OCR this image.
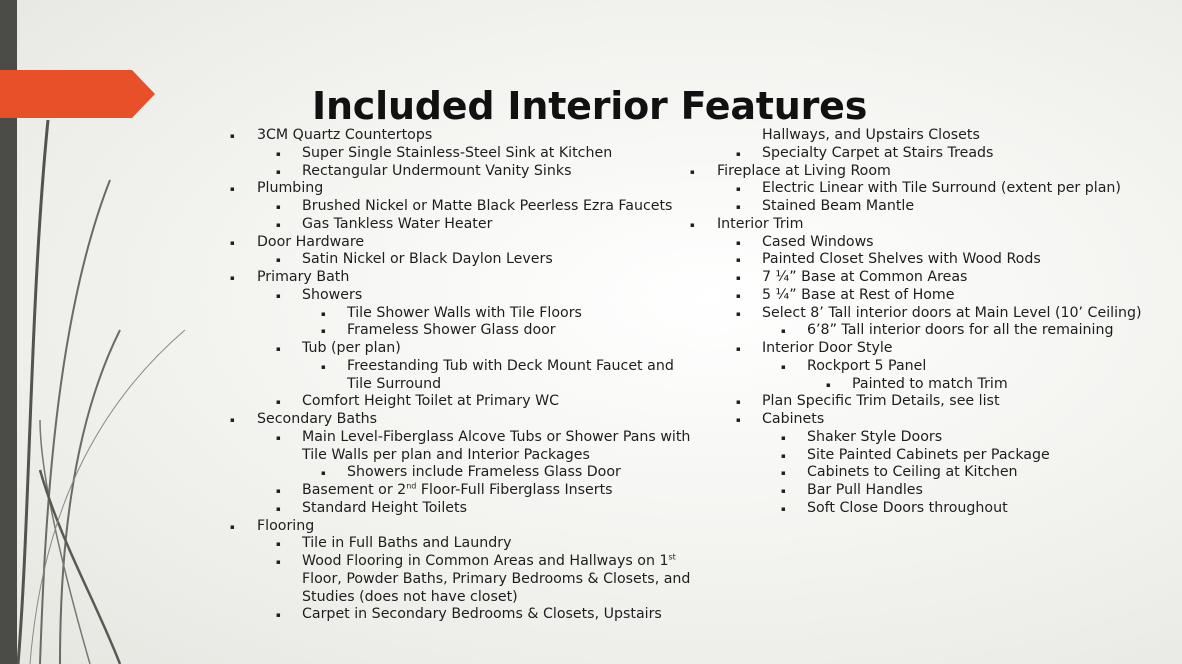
Included Interior Features
▪ 3CM Quartz Countertops
▪ Super Single Stainless-Steel Sink at Kitchen
▪ Rectangular Undermount Vanity Sinks
▪ Plumbing
▪ Brushed Nickel or Matte Black Peerless Ezra Faucets
▪ Gas Tankless Water Heater
▪ Door Hardware
▪ Satin Nickel or Black Daylon Levers
▪ Primary Bath
▪ Showers
▪ Tile Shower Walls with Tile Floors
▪ Frameless Shower Glass door
▪ Tub (per plan)
▪ Freestanding Tub with Deck Mount Faucet and
Tile Surround
▪ Comfort Height Toilet at Primary WC
▪ Secondary Baths
▪ Main Level-Fiberglass Alcove Tubs or Shower Pans with
Tile Walls per plan and Interior Packages
▪ Showers include Frameless Glass Door
▪ Basement or 2nd Floor-Full Fiberglass Inserts
▪ Standard Height Toilets
▪ Flooring
▪ Tile in Full Baths and Laundry
▪ Wood Flooring in Common Areas and Hallways on 1st
Floor, Powder Baths, Primary Bedrooms & Closets, and
Studies (does not have closet)
▪ Carpet in Secondary Bedrooms & Closets, Upstairs
Hallways, and Upstairs Closets
▪ Specialty Carpet at Stairs Treads
▪ Fireplace at Living Room
▪ Electric Linear with Tile Surround (extent per plan)
▪ Stained Beam Mantle
▪ Interior Trim
▪ Cased Windows
▪ Painted Closet Shelves with Wood Rods
▪ 7 ¼” Base at Common Areas
▪ 5 ¼” Base at Rest of Home
▪ Select 8’ Tall interior doors at Main Level (10’ Ceiling)
▪ 6’8” Tall interior doors for all the remaining
▪ Interior Door Style
▪ Rockport 5 Panel
▪ Painted to match Trim
▪ Plan Specific Trim Details, see list
▪ Cabinets
▪ Shaker Style Doors
▪ Site Painted Cabinets per Package
▪ Cabinets to Ceiling at Kitchen
▪ Bar Pull Handles
▪ Soft Close Doors throughout
